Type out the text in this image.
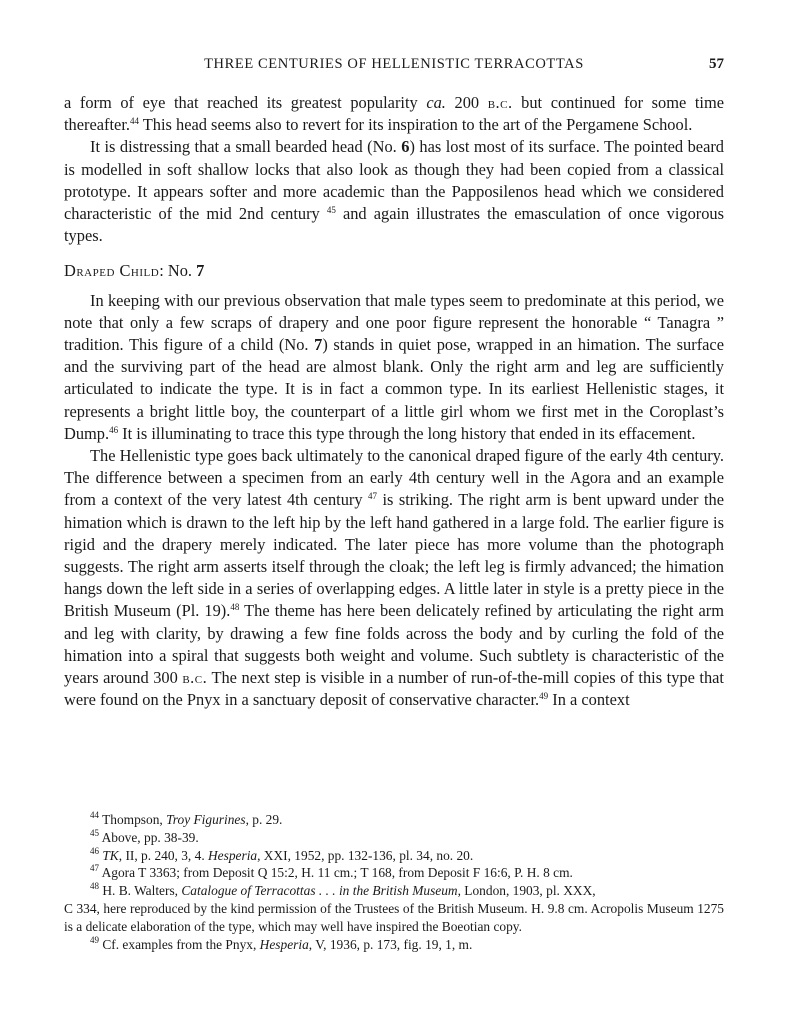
THREE CENTURIES OF HELLENISTIC TERRACOTTAS	57

a form of eye that reached its greatest popularity ca. 200 b.c. but continued for some time thereafter.$^{44}$ This head seems also to revert for its inspiration to the art of the Pergamene School.

It is distressing that a small bearded head (No. 6) has lost most of its surface. The pointed beard is modelled in soft shallow locks that also look as though they had been copied from a classical prototype. It appears softer and more academic than the Papposilenos head which we considered characteristic of the mid 2nd century $^{45}$ and again illustrates the emasculation of once vigorous types.

Draped Child: No. 7

In keeping with our previous observation that male types seem to predominate at this period, we note that only a few scraps of drapery and one poor figure represent the honorable “ Tanagra ” tradition. This figure of a child (No. 7) stands in quiet pose, wrapped in an himation. The surface and the surviving part of the head are almost blank. Only the right arm and leg are sufficiently articulated to indicate the type. It is in fact a common type. In its earliest Hellenistic stages, it represents a bright little boy, the counterpart of a little girl whom we first met in the Coroplast’s Dump.$^{46}$ It is illuminating to trace this type through the long history that ended in its effacement.

The Hellenistic type goes back ultimately to the canonical draped figure of the early 4th century. The difference between a specimen from an early 4th century well in the Agora and an example from a context of the very latest 4th century $^{47}$ is striking. The right arm is bent upward under the himation which is drawn to the left hip by the left hand gathered in a large fold. The earlier figure is rigid and the drapery merely indicated. The later piece has more volume than the photograph suggests. The right arm asserts itself through the cloak; the left leg is firmly advanced; the himation hangs down the left side in a series of overlapping edges. A little later in style is a pretty piece in the British Museum (Pl. 19).$^{48}$ The theme has here been delicately refined by articulating the right arm and leg with clarity, by drawing a few fine folds across the body and by curling the fold of the himation into a spiral that suggests both weight and volume. Such subtlety is characteristic of the years around 300 b.c. The next step is visible in a number of run-of-the-mill copies of this type that were found on the Pnyx in a sanctuary deposit of conservative character.$^{49}$ In a context

$^{44}$ Thompson, Troy Figurines, p. 29.

$^{45}$ Above, pp. 38-39.

$^{46}$ TK, II, p. 240, 3, 4. Hesperia, XXI, 1952, pp. 132-136, pl. 34, no. 20.

$^{47}$ Agora T 3363; from Deposit Q 15:2, H. 11 cm.; T 168, from Deposit F 16:6, P. H. 8 cm.

$^{48}$ H. B. Walters, Catalogue of Terracottas . . . in the British Museum, London, 1903, pl. XXX,

C 334, here reproduced by the kind permission of the Trustees of the British Museum. H. 9.8 cm. Acropolis Museum 1275 is a delicate elaboration of the type, which may well have inspired the Boeotian copy.

$^{49}$ Cf. examples from the Pnyx, Hesperia, V, 1936, p. 173, fig. 19, 1, m.
